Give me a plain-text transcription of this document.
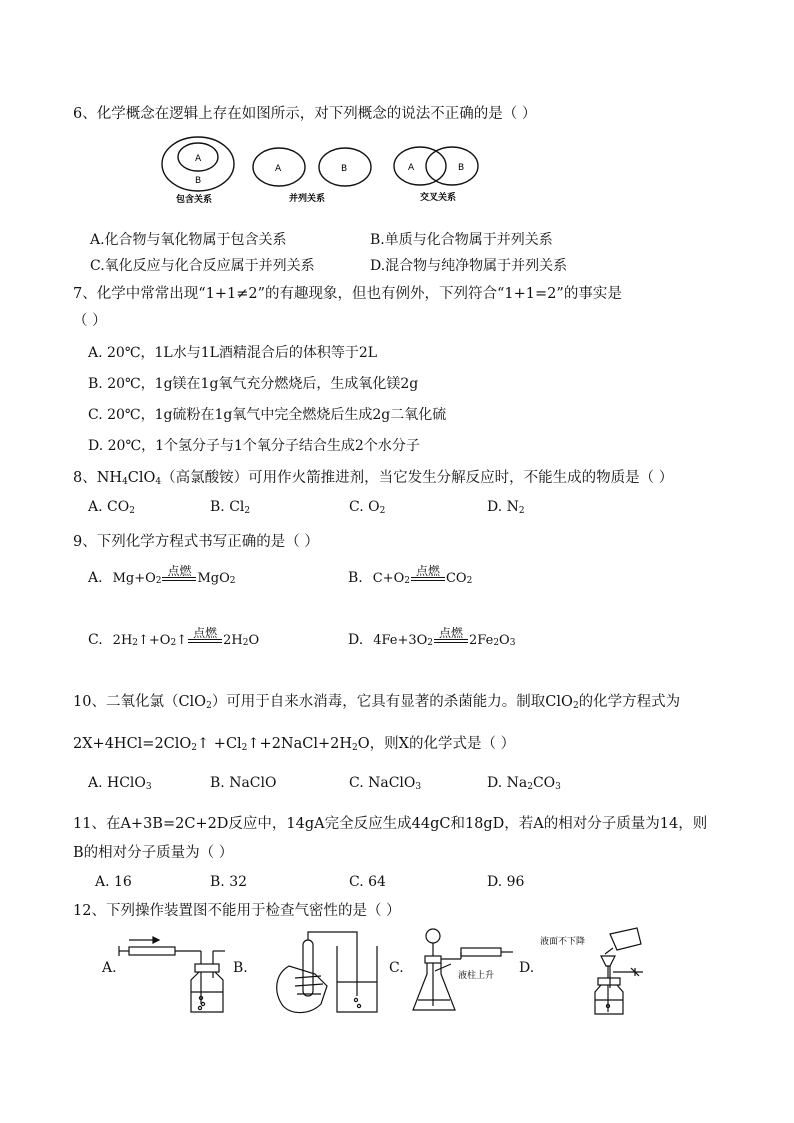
6、化学概念在逻辑上存在如图所示，对下列概念的说法不正确的是（ ）
A
B
包含关系
A	B
并列关系
A	B
交叉关系
A.化合物与氧化物属于包含关系	B.单质与化合物属于并列关系
C.氧化反应与化合反应属于并列关系	D.混合物与纯净物属于并列关系
7、化学中常常出现“1+1≠2”的有趣现象，但也有例外，下列符合“1+1=2”的事实是
（ ）
A. 20℃，1L水与1L酒精混合后的体积等于2L
B. 20℃，1g镁在1g氧气充分燃烧后，生成氧化镁2g
C. 20℃，1g硫粉在1g氧气中完全燃烧后生成2g二氧化硫
D. 20℃，1个氢分子与1个氧分子结合生成2个水分子
8、$NH_4ClO_4$（高氯酸铵）可用作火箭推进剂，当它发生分解反应时，不能生成的物质是（ ）
A. $CO_2$	B. $Cl_2$	C. $O_2$	D. $N_2$
9、下列化学方程式书写正确的是（ ）
A. Mg+O 2
点燃 MgO 2	B. C+O 2
点燃 CO 2
C. 2H 2 ↑+O 2 ↑ 点燃 2H 2 O	D. 4Fe+3O 2
点燃 2Fe 2 O 3
10、二氧化氯（ClO$_2$）可用于自来水消毒，它具有显著的杀菌能力。制取ClO$_2$的化学方程式为
2X+4HCl=2ClO$_2$↑ $+Cl_2↑+2NaCl+2H_2O$，则X的化学式是（ ）
A. HClO$_3$	B. NaClO	C. NaClO$_3$	D. $Na_2CO_3$
11、在A+3B=2C+2D反应中，14gA完全反应生成44gC和18gD，若A的相对分子质量为14，则
B的相对分子质量为（ ）
A. 16	B. 32	C. 64	D. 96
12、下列操作装置图不能用于检查气密性的是（ ）
A.	B.	C.	D.
液柱上升
液面不下降
